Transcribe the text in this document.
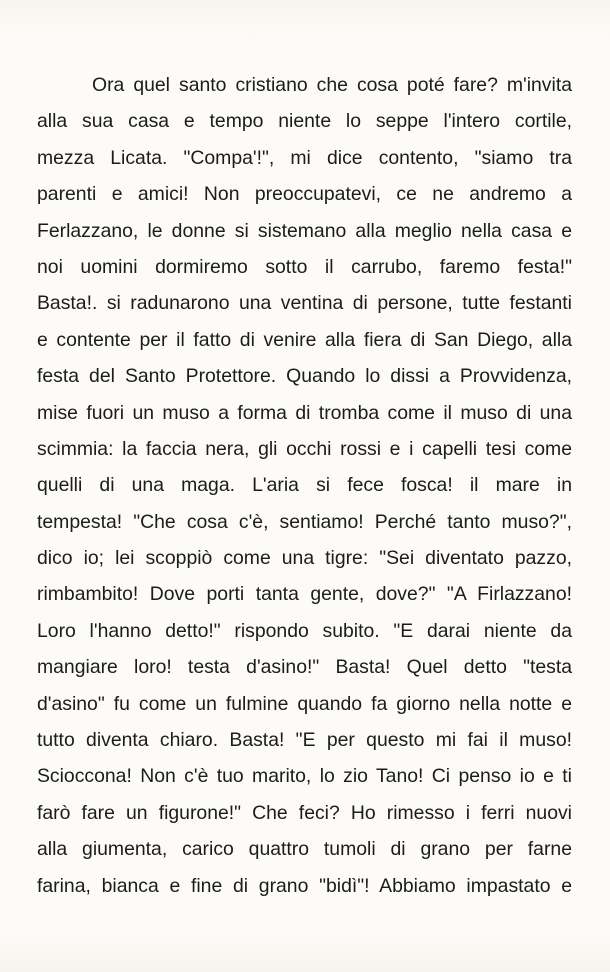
Ora quel santo cristiano che cosa poté fare? m'invita
alla sua casa e tempo niente lo seppe l'intero cortile,
mezza Licata. "Compa'!", mi dice contento, "siamo tra
parenti e amici! Non preoccupatevi, ce ne andremo a
Ferlazzano, le donne si sistemano alla meglio nella casa e
noi uomini dormiremo sotto il carrubo, faremo festa!"
Basta!. si radunarono una ventina di persone, tutte festanti
e contente per il fatto di venire alla fiera di San Diego, alla
festa del Santo Protettore. Quando lo dissi a Provvidenza,
mise fuori un muso a forma di tromba come il muso di una
scimmia: la faccia nera, gli occhi rossi e i capelli tesi come
quelli di una maga. L'aria si fece fosca! il mare in
tempesta! "Che cosa c'è, sentiamo! Perché tanto muso?",
dico io; lei scoppiò come una tigre: "Sei diventato pazzo,
rimbambito! Dove porti tanta gente, dove?" "A Firlazzano!
Loro l'hanno detto!" rispondo subito. "E darai niente da
mangiare loro! testa d'asino!" Basta! Quel detto "testa
d'asino" fu come un fulmine quando fa giorno nella notte e
tutto diventa chiaro. Basta! "E per questo mi fai il muso!
Sciocconа! Non c'è tuo marito, lo zio Tano! Ci penso io e ti
farò fare un figurone!" Che feci? Ho rimesso i ferri nuovi
alla giumenta, carico quattro tumoli di grano per farne
farina, bianca e fine di grano "bidì"! Abbiamo impastato e
